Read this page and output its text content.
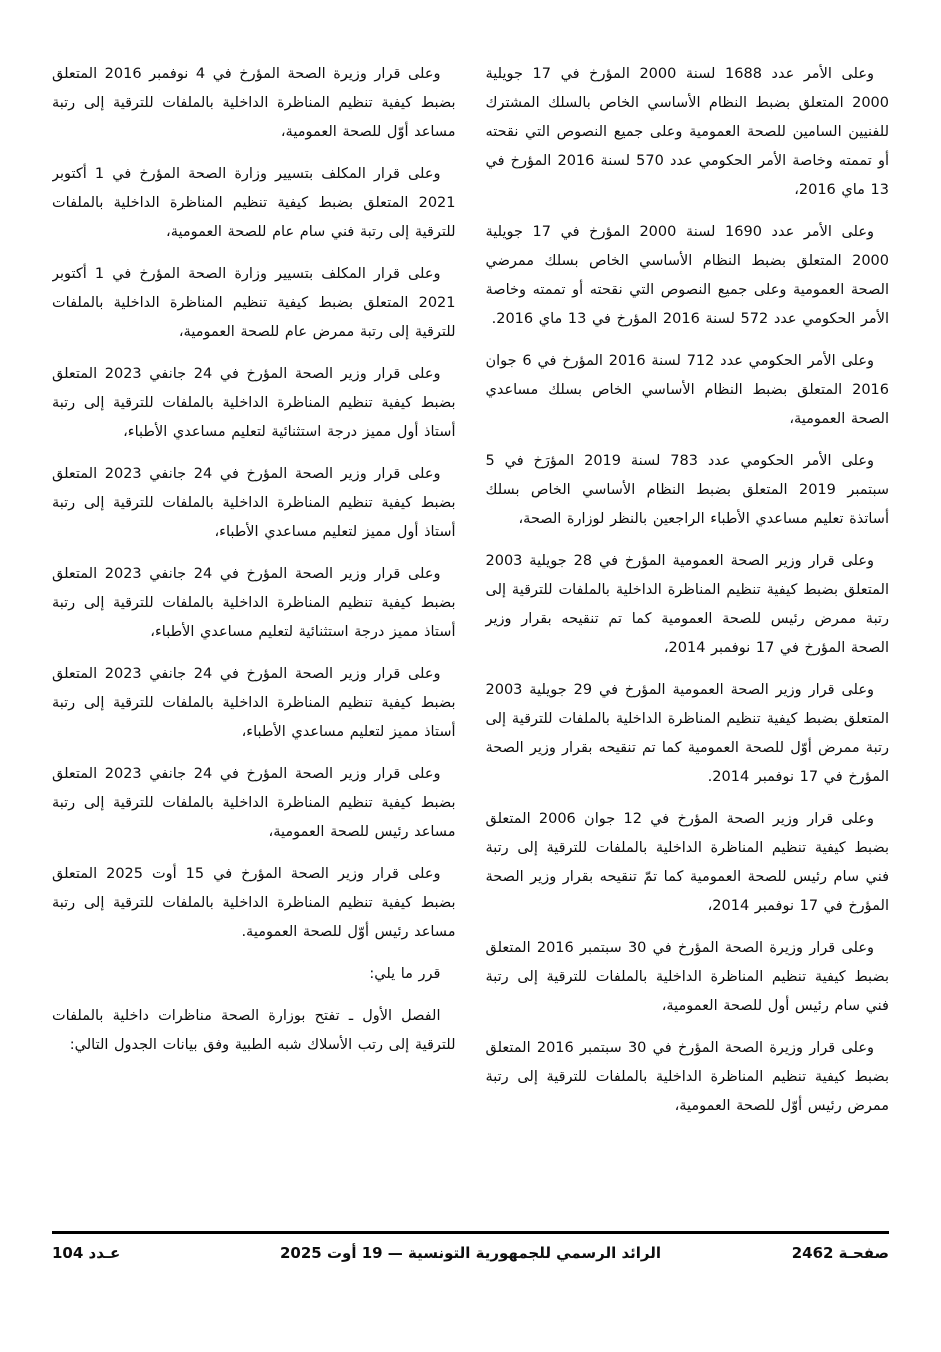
وعلى الأمر عدد 1688 لسنة 2000 المؤرخ في 17 جويلية 2000 المتعلق بضبط النظام الأساسي الخاص بالسلك المشترك للفنيين السامين للصحة العمومية وعلى جميع النصوص التي نقحته أو تممته وخاصة الأمر الحكومي عدد 570 لسنة 2016 المؤرخ في 13 ماي 2016،

وعلى الأمر عدد 1690 لسنة 2000 المؤرخ في 17 جويلية 2000 المتعلق بضبط النظام الأساسي الخاص بسلك ممرضي الصحة العمومية وعلى جميع النصوص التي نقحته أو تممته وخاصة الأمر الحكومي عدد 572 لسنة 2016 المؤرخ في 13 ماي 2016.

وعلى الأمر الحكومي عدد 712 لسنة 2016 المؤرخ في 6 جوان 2016 المتعلق بضبط النظام الأساسي الخاص بسلك مساعدي الصحة العمومية،

وعلى الأمر الحكومي عدد 783 لسنة 2019 المؤرَخ في 5 سبتمبر 2019 المتعلق بضبط النظام الأساسي الخاص بسلك أساتذة تعليم مساعدي الأطباء الراجعين بالنظر لوزارة الصحة،

وعلى قرار وزير الصحة العمومية المؤرخ في 28 جويلية 2003 المتعلق بضبط كيفية تنظيم المناظرة الداخلية بالملفات للترقية إلى رتبة ممرض رئيس للصحة العمومية كما تم تنقيحه بقرار وزير الصحة المؤرخ في 17 نوفمبر 2014،

وعلى قرار وزير الصحة العمومية المؤرخ في 29 جويلية 2003 المتعلق بضبط كيفية تنظيم المناظرة الداخلية بالملفات للترقية إلى رتبة ممرض أوّل للصحة العمومية كما تم تنقيحه بقرار وزير الصحة المؤرخ في 17 نوفمبر 2014.

وعلى قرار وزير الصحة المؤرخ في 12 جوان 2006 المتعلق بضبط كيفية تنظيم المناظرة الداخلية بالملفات للترقية إلى رتبة فني سام رئيس للصحة العمومية كما تمّ تنقيحه بقرار وزير الصحة المؤرخ في 17 نوفمبر 2014،

وعلى قرار وزيرة الصحة المؤرخ في 30 سبتمبر 2016 المتعلق بضبط كيفية تنظيم المناظرة الداخلية بالملفات للترقية إلى رتبة فني سام رئيس أول للصحة العمومية،

وعلى قرار وزيرة الصحة المؤرخ في 30 سبتمبر 2016 المتعلق بضبط كيفية تنظيم المناظرة الداخلية بالملفات للترقية إلى رتبة ممرض رئيس أوّل للصحة العمومية،

وعلى قرار وزيرة الصحة المؤرخ في 4 نوفمبر 2016 المتعلق بضبط كيفية تنظيم المناظرة الداخلية بالملفات للترقية إلى رتبة مساعد أوّل للصحة العمومية،

وعلى قرار المكلف بتسيير وزارة الصحة المؤرخ في 1 أكتوبر 2021 المتعلق بضبط كيفية تنظيم المناظرة الداخلية بالملفات للترقية إلى رتبة فني سام عام للصحة العمومية،

وعلى قرار المكلف بتسيير وزارة الصحة المؤرخ في 1 أكتوبر 2021 المتعلق بضبط كيفية تنظيم المناظرة الداخلية بالملفات للترقية إلى رتبة ممرض عام للصحة العمومية،

وعلى قرار وزير الصحة المؤرخ في 24 جانفي 2023 المتعلق بضبط كيفية تنظيم المناظرة الداخلية بالملفات للترقية إلى رتبة أستاذ أول مميز درجة استثنائية لتعليم مساعدي الأطباء،

وعلى قرار وزير الصحة المؤرخ في 24 جانفي 2023 المتعلق بضبط كيفية تنظيم المناظرة الداخلية بالملفات للترقية إلى رتبة أستاذ أول مميز لتعليم مساعدي الأطباء،

وعلى قرار وزير الصحة المؤرخ في 24 جانفي 2023 المتعلق بضبط كيفية تنظيم المناظرة الداخلية بالملفات للترقية إلى رتبة أستاذ مميز درجة استثنائية لتعليم مساعدي الأطباء،

وعلى قرار وزير الصحة المؤرخ في 24 جانفي 2023 المتعلق بضبط كيفية تنظيم المناظرة الداخلية بالملفات للترقية إلى رتبة أستاذ مميز لتعليم مساعدي الأطباء،

وعلى قرار وزير الصحة المؤرخ في 24 جانفي 2023 المتعلق بضبط كيفية تنظيم المناظرة الداخلية بالملفات للترقية إلى رتبة مساعد رئيس للصحة العمومية،

وعلى قرار وزير الصحة المؤرخ في 15 أوت 2025 المتعلق بضبط كيفية تنظيم المناظرة الداخلية بالملفات للترقية إلى رتبة مساعد رئيس أوّل للصحة العمومية.

قرر ما يلي:

الفصل الأول ـ تفتح بوزارة الصحة مناظرات داخلية بالملفات للترقية إلى رتب الأسلاك شبه الطبية وفق بيانات الجدول التالي:

صفحـة 2462
الرائد الرسمي للجمهورية التونسية — 19 أوت 2025
عـدد 104
